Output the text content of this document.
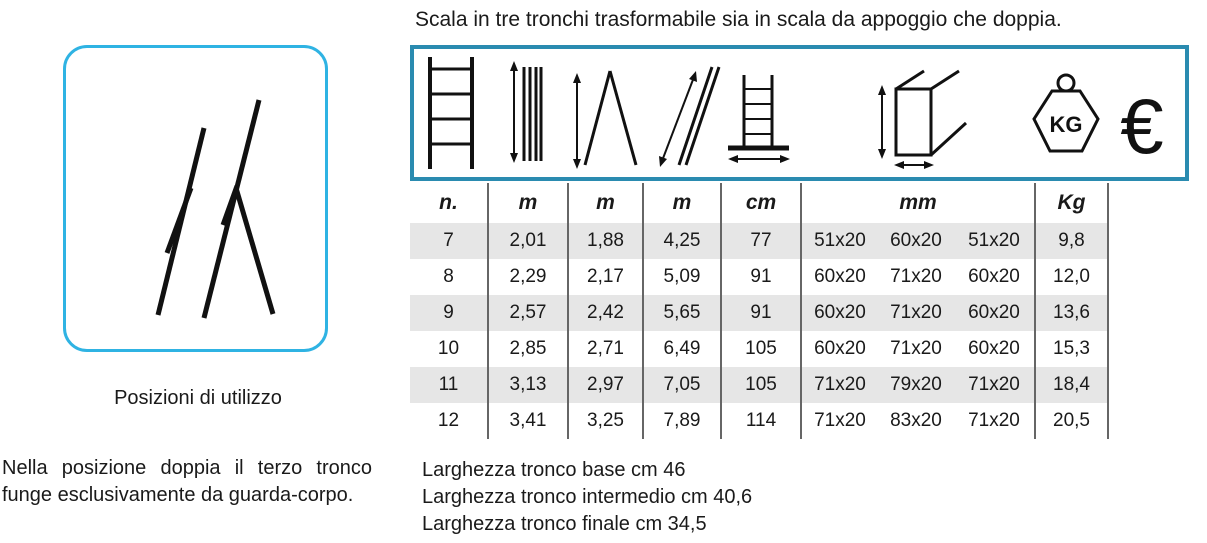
Posizioni di utilizzo
Nella posizione doppia il terzo tronco funge esclusivamente da guarda-corpo.
Scala in tre tronchi trasformabile sia in scala da appoggio che doppia.
KG €
n.	m	m	m	cm	mm			Kg
7	2,01	1,88	4,25	77	51x20	60x20	51x20	9,8
8	2,29	2,17	5,09	91	60x20	71x20	60x20	12,0
9	2,57	2,42	5,65	91	60x20	71x20	60x20	13,6
10	2,85	2,71	6,49	105	60x20	71x20	60x20	15,3
11	3,13	2,97	7,05	105	71x20	79x20	71x20	18,4
12	3,41	3,25	7,89	114	71x20	83x20	71x20	20,5
Larghezza tronco base cm 46
Larghezza tronco intermedio cm 40,6
Larghezza tronco finale cm 34,5
